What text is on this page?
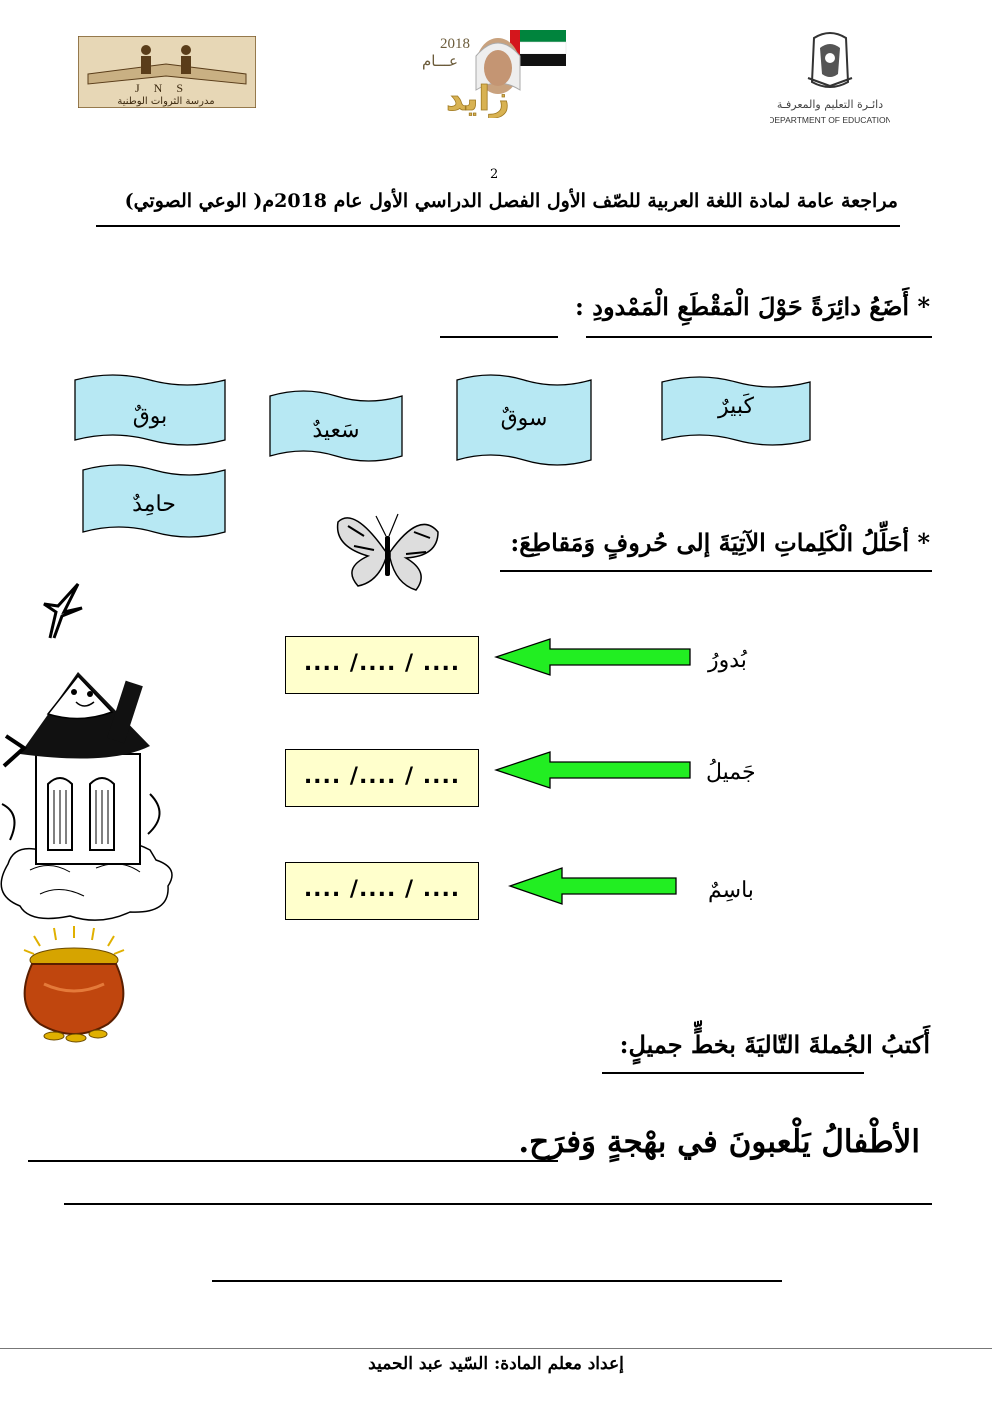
JNS
مدرسة الثروات الوطنية
2018
عـــام
زايد	دائـرة التعليم والمعرفـة
DEPARTMENT OF EDUCATION
2
مراجعة عامة لمادة اللغة العربية للصّف الأول الفصل الدراسي الأول عام 2018م( الوعي الصوتي)
* أَضَعُ دائِرَةً حَوْلَ الْمَقْطَعِ الْمَمْدودِ :
كَبيرٌ
سوقٌ
سَعيدٌ
بوقٌ
حامِدٌ
* أحَلِّلُ الْكَلِماتِ الآتِيَةَ إلى حُروفٍ وَمَقاطِعَ:
بُدورُ
.... / ..../ ....
جَميلُ
.... / ..../ ....
باسِمٌ
.... / ..../ ....
أَكتبُ الجُملةَ التّاليَةَ بخطٍّ جميلٍ:
الأطْفالُ يَلْعبونَ في بهْجةٍ وَفرَح.
إعداد معلم المادة: السّيد عبد الحميد
